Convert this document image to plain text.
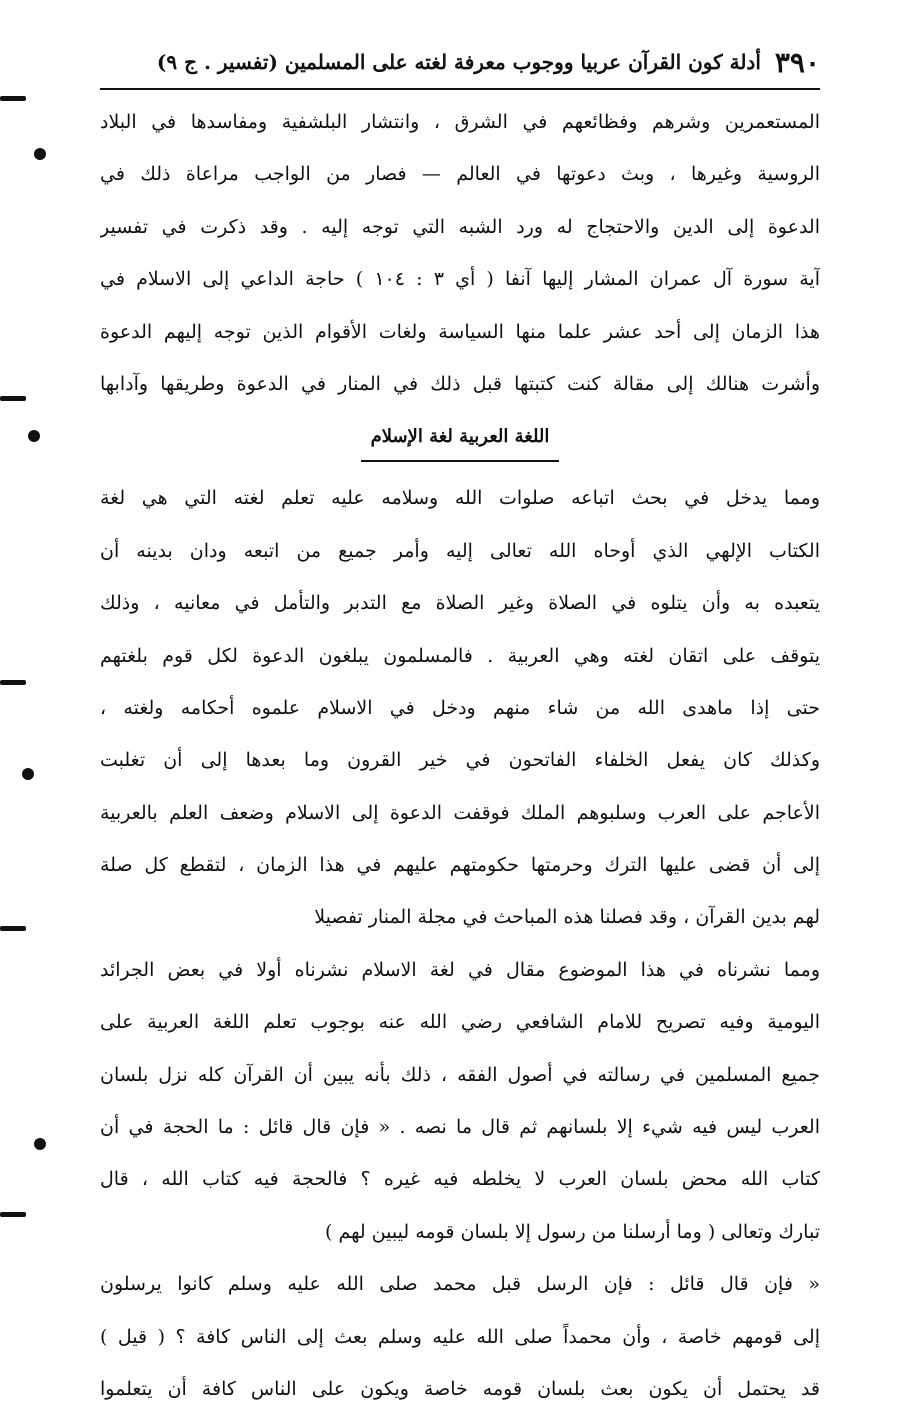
٣٩٠
أدلة كون القرآن عربيا ووجوب معرفة لغته على المسلمين (تفسير . ج ٩)
المستعمرين وشرهم وفظائعهم في الشرق ، وانتشار البلشفية ومفاسدها في البلاد
الروسية وغيرها ، وبث دعوتها في العالم — فصار من الواجب مراعاة ذلك في
الدعوة إلى الدين والاحتجاج له ورد الشبه التي توجه إليه . وقد ذكرت في تفسير
آية سورة آل عمران المشار إليها آنفا ( أي ٣ : ١٠٤ ) حاجة الداعي إلى الاسلام في
هذا الزمان إلى أحد عشر علما منها السياسة ولغات الأقوام الذين توجه إليهم الدعوة
وأشرت هنالك إلى مقالة كنت كتبتها قبل ذلك في المنار في الدعوة وطريقها وآدابها
اللغة العربية لغة الإسلام
ومما يدخل في بحث اتباعه صلوات الله وسلامه عليه تعلم لغته التي هي لغة
الكتاب الإلهي الذي أوحاه الله تعالى إليه وأمر جميع من اتبعه ودان بدينه أن
يتعبده به وأن يتلوه في الصلاة وغير الصلاة مع التدبر والتأمل في معانيه ، وذلك
يتوقف على اتقان لغته وهي العربية . فالمسلمون يبلغون الدعوة لكل قوم بلغتهم
حتى إذا ماهدى الله من شاء منهم ودخل في الاسلام علموه أحكامه ولغته ،
وكذلك كان يفعل الخلفاء الفاتحون في خير القرون وما بعدها إلى أن تغلبت
الأعاجم على العرب وسلبوهم الملك فوقفت الدعوة إلى الاسلام وضعف العلم بالعربية
إلى أن قضى عليها الترك وحرمتها حكومتهم عليهم في هذا الزمان ، لتقطع كل صلة
لهم بدين القرآن ، وقد فصلنا هذه المباحث في مجلة المنار تفصيلا
ومما نشرناه في هذا الموضوع مقال في لغة الاسلام نشرناه أولا في بعض الجرائد
اليومية وفيه تصريح للامام الشافعي رضي الله عنه بوجوب تعلم اللغة العربية على
جميع المسلمين في رسالته في أصول الفقه ، ذلك بأنه يبين أن القرآن كله نزل بلسان
العرب ليس فيه شيء إلا بلسانهم ثم قال ما نصه . « فإن قال قائل : ما الحجة في أن
كتاب الله محض بلسان العرب لا يخلطه فيه غيره ؟ فالحجة فيه كتاب الله ، قال
تبارك وتعالى ( وما أرسلنا من رسول إلا بلسان قومه ليبين لهم )
« فإن قال قائل : فإن الرسل قبل محمد صلى الله عليه وسلم كانوا يرسلون
إلى قومهم خاصة ، وأن محمداً صلى الله عليه وسلم بعث إلى الناس كافة ؟ ( قيل )
قد يحتمل أن يكون بعث بلسان قومه خاصة ويكون على الناس كافة أن يتعلموا
